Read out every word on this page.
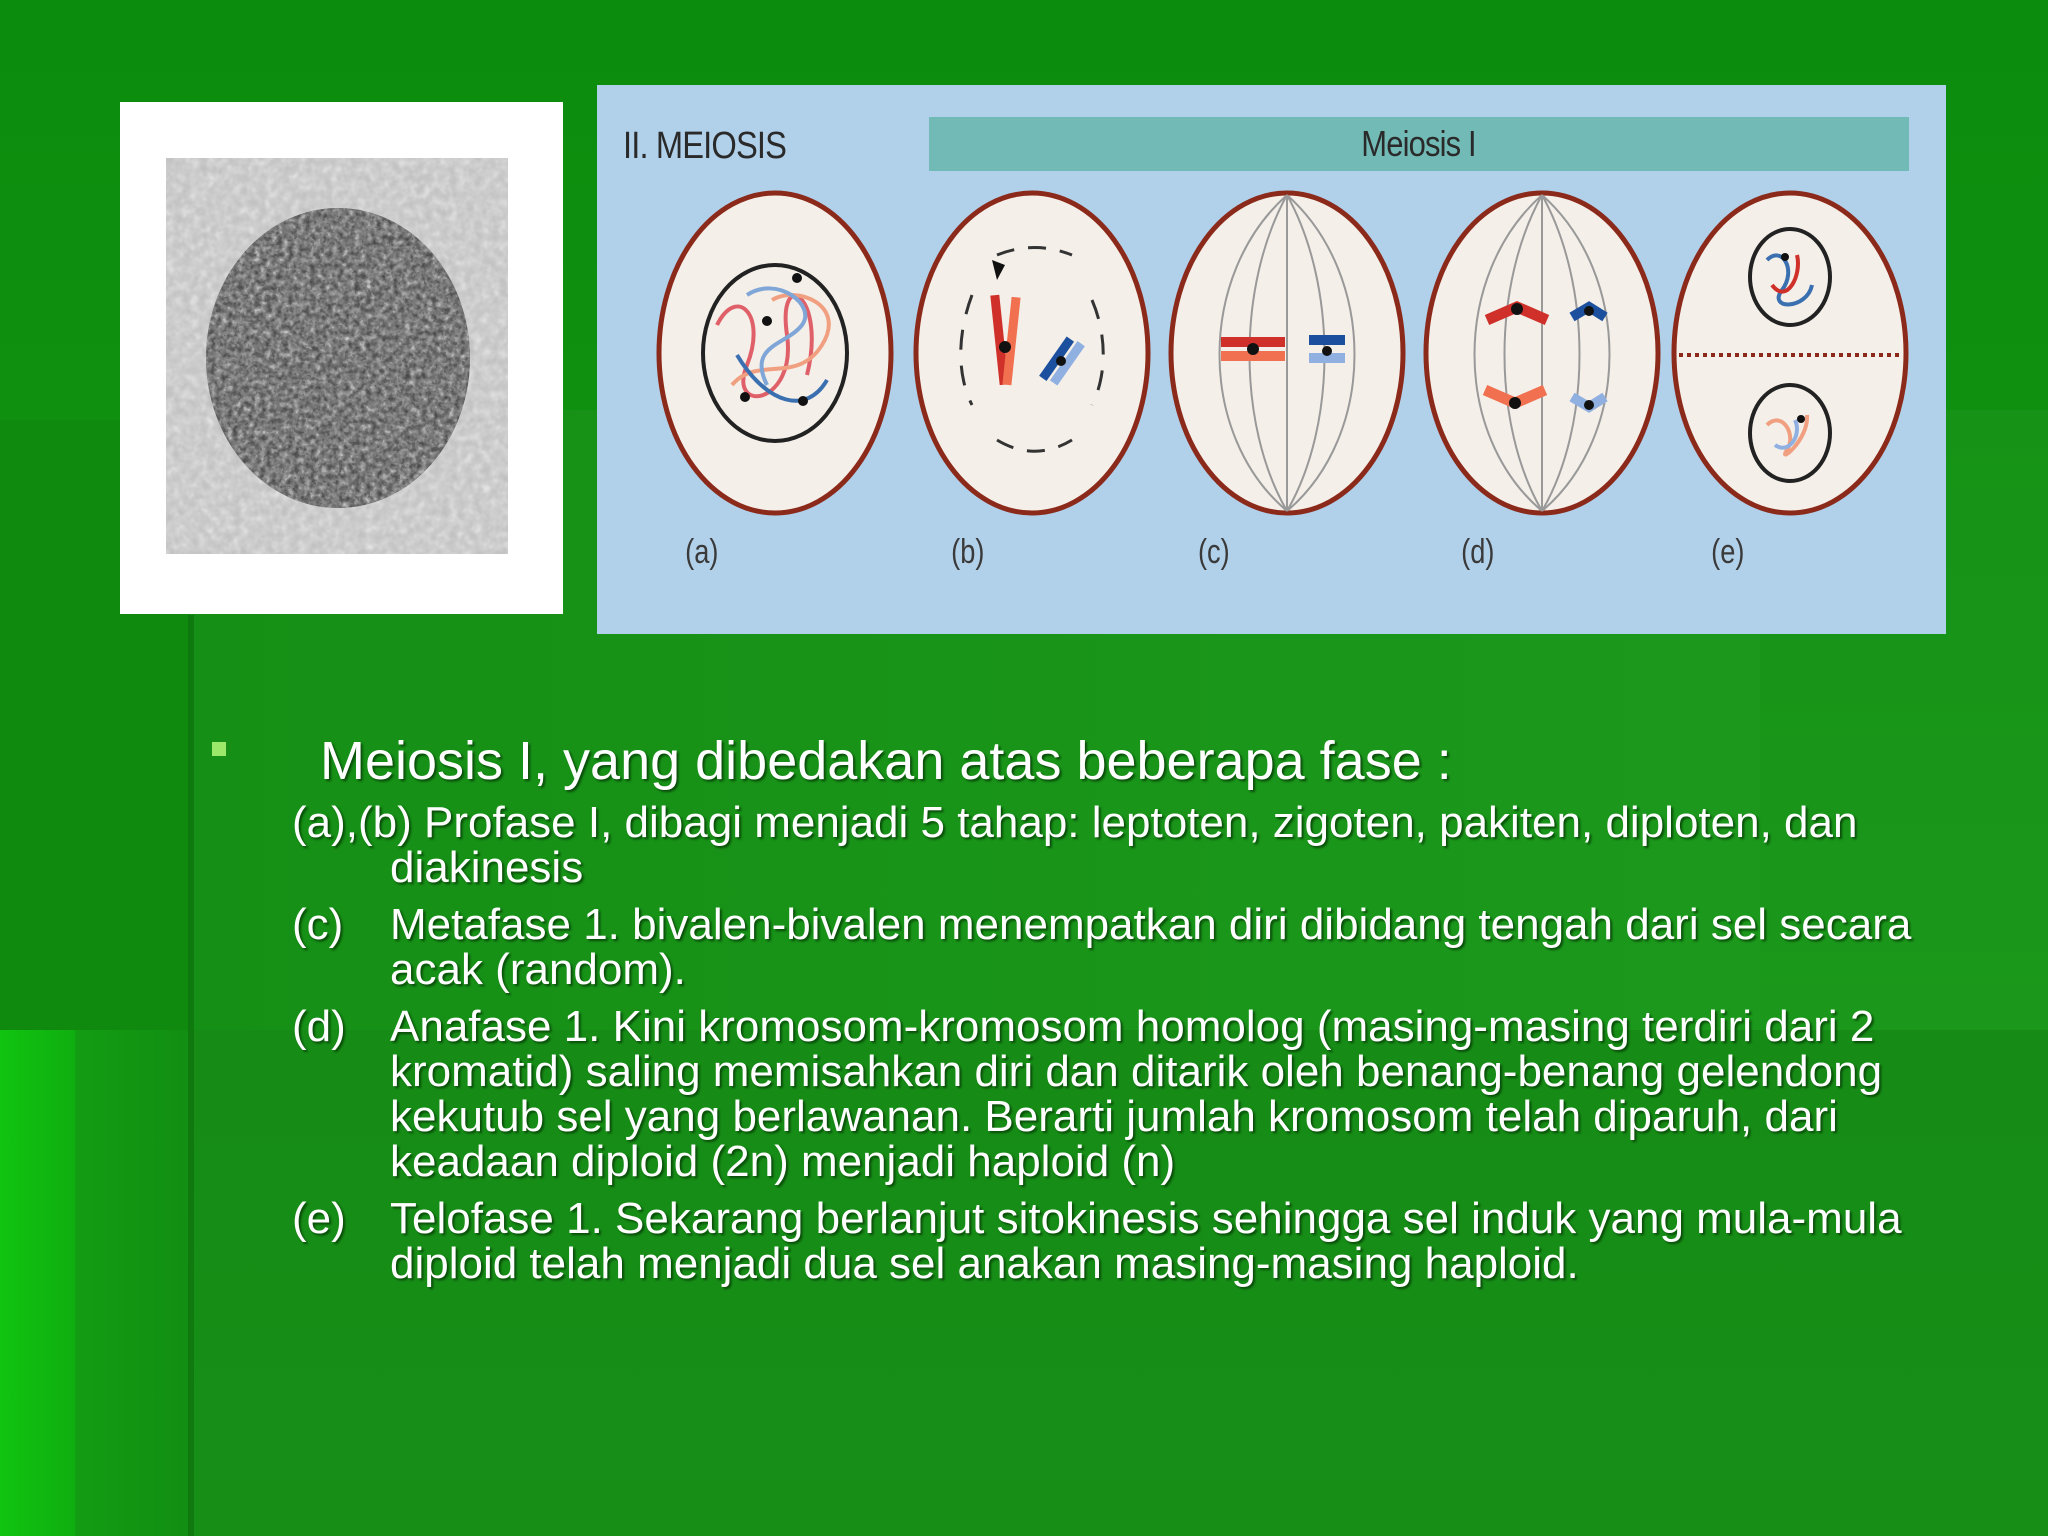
II. MEIOSIS	Meiosis I
(a)	(b)	(c)	(d)	(e)
Meiosis I, yang dibedakan atas beberapa fase :
(a),(b) Profase I, dibagi menjadi 5 tahap: leptoten, zigoten, pakiten, diploten, dan diakinesis
(c)	Metafase 1. bivalen-bivalen menempatkan diri dibidang tengah dari sel secara acak (random).
(d)	Anafase 1. Kini kromosom-kromosom homolog (masing-masing terdiri dari 2 kromatid) saling memisahkan diri dan ditarik oleh benang-benang gelendong kekutub sel yang berlawanan. Berarti jumlah kromosom telah diparuh, dari keadaan diploid (2n) menjadi haploid (n)
(e)	Telofase 1. Sekarang berlanjut sitokinesis sehingga sel induk yang mula-mula diploid telah menjadi dua sel anakan masing-masing haploid.
